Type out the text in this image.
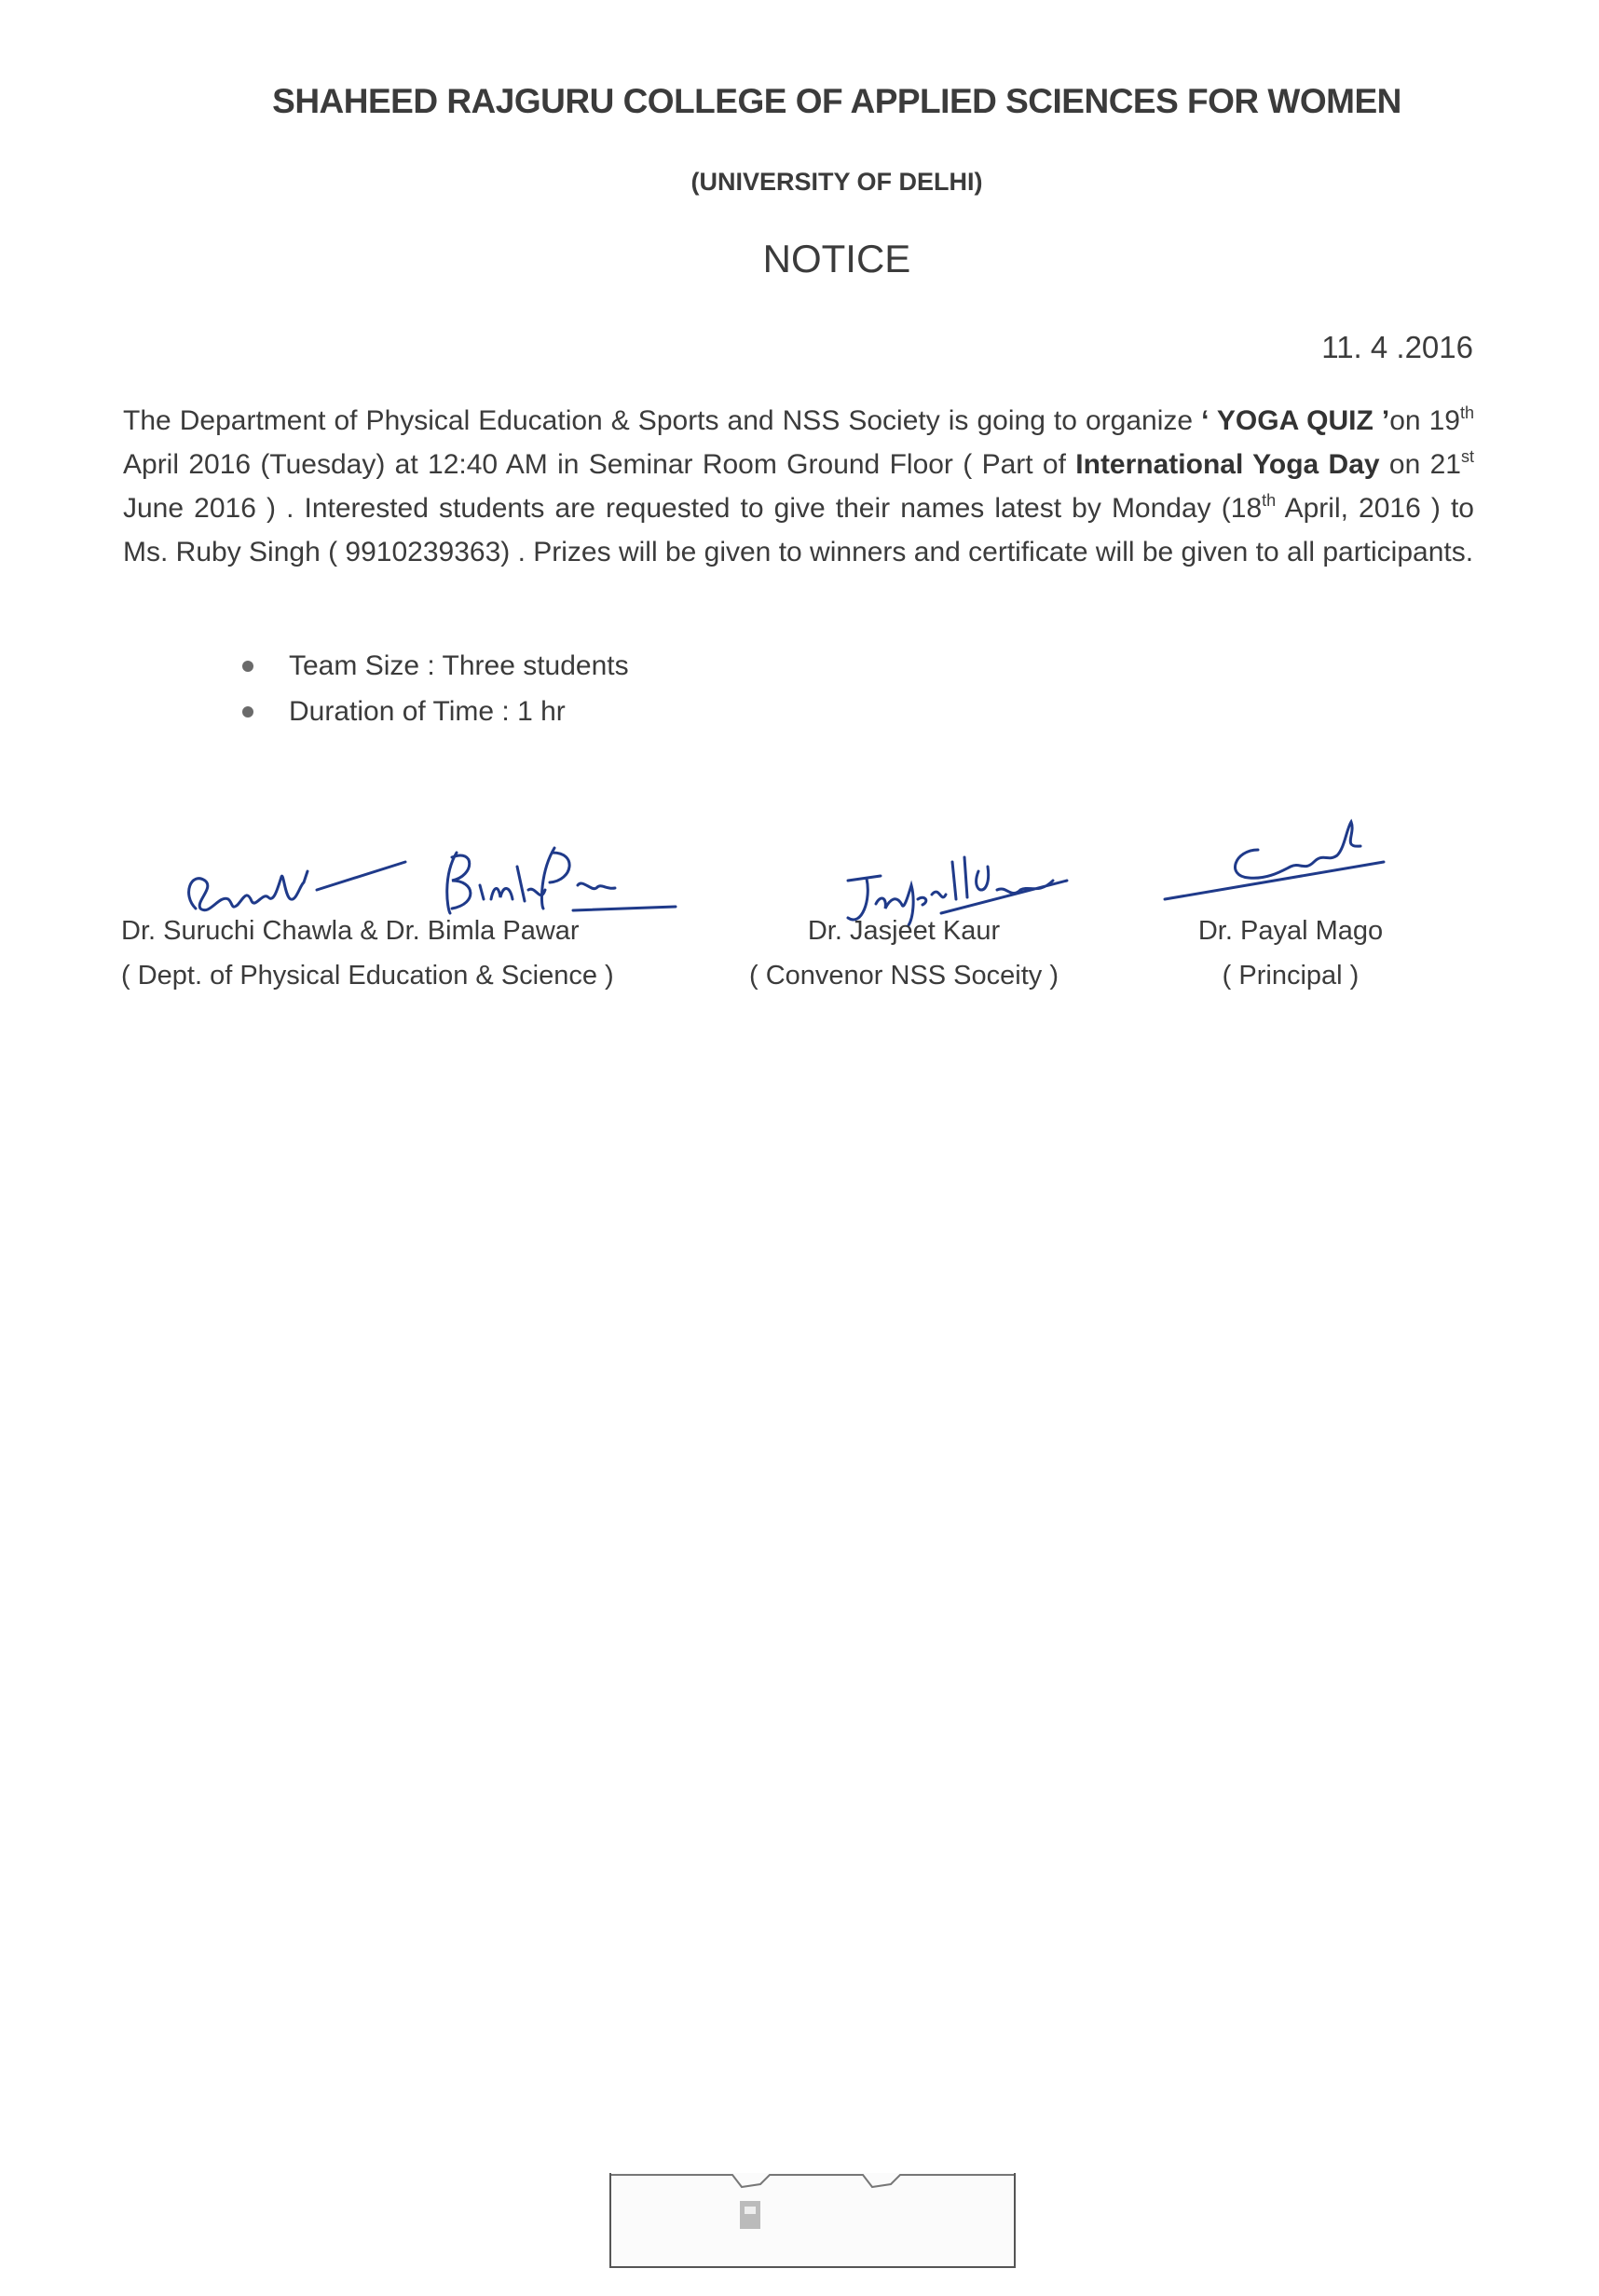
SHAHEED RAJGURU COLLEGE OF APPLIED SCIENCES FOR WOMEN
(UNIVERSITY OF DELHI)
NOTICE
11. 4 .2016
The Department of Physical Education & Sports and NSS Society is going to organize ‘ YOGA QUIZ ’on 19th April 2016 (Tuesday) at 12:40 AM in Seminar Room Ground Floor ( Part of International Yoga Day on 21st June 2016 ) . Interested students are requested to give their names latest by Monday (18th April, 2016 ) to Ms. Ruby Singh ( 9910239363) . Prizes will be given to winners and certificate will be given to all participants.
Team Size : Three students
Duration of Time : 1 hr
Dr. Suruchi Chawla & Dr. Bimla Pawar
( Dept. of Physical Education & Science )
Dr. Jasjeet Kaur
( Convenor NSS Soceity )
Dr. Payal Mago
( Principal )
